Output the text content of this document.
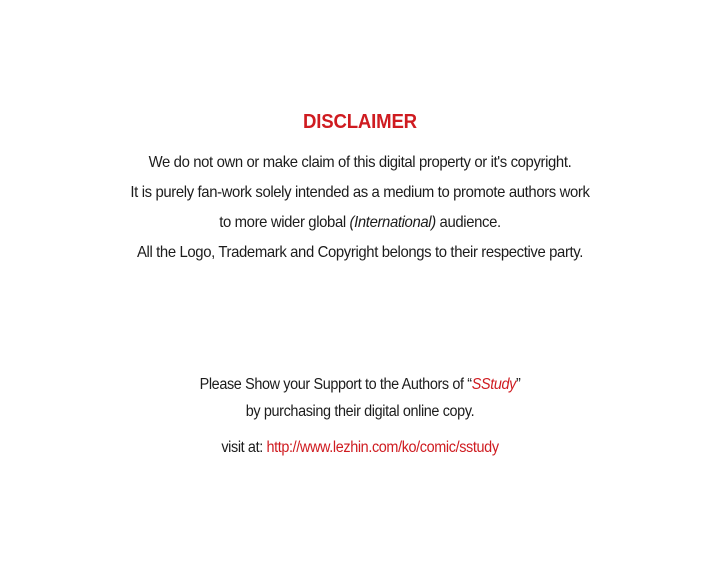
DISCLAIMER

We do not own or make claim of this digital property or it's copyright.

It is purely fan-work solely intended as a medium to promote authors work

to more wider global (International) audience.

All the Logo, Trademark and Copyright belongs to their respective party.

Please Show your Support to the Authors of “SStudy”

by purchasing their digital online copy.

visit at: http://www.lezhin.com/ko/comic/sstudy
